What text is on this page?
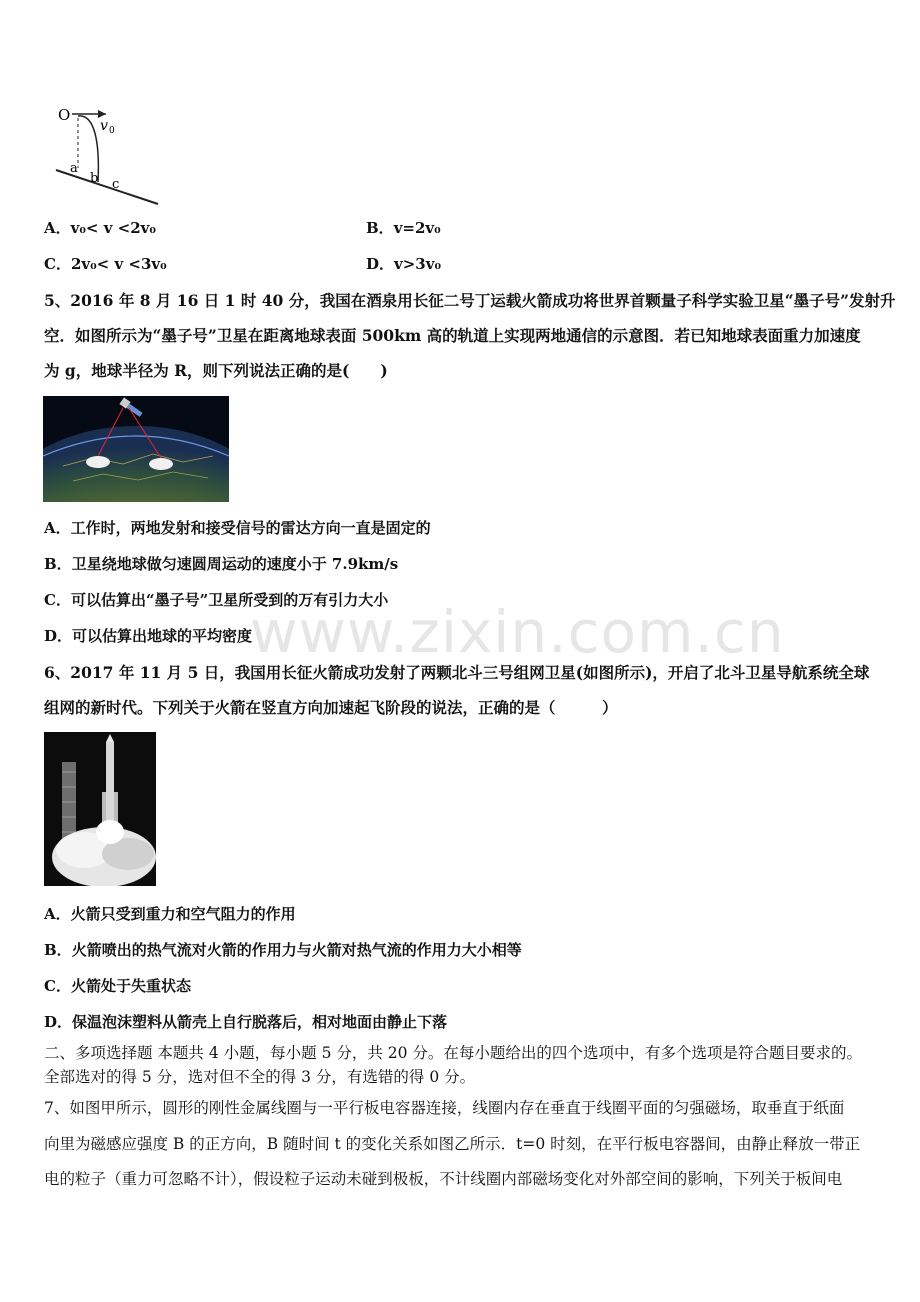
www.zixin.com.cn
O
v 0
a
b c
A．v₀< v <2v₀	B．v=2v₀
C．2v₀< v <3v₀	D．v>3v₀
5、2016 年 8 月 16 日 1 时 40 分，我国在酒泉用长征二号丁运载火箭成功将世界首颗量子科学实验卫星“墨子号”发射升
空．如图所示为“墨子号”卫星在距离地球表面 500km 高的轨道上实现两地通信的示意图．若已知地球表面重力加速度
为 g，地球半径为 R，则下列说法正确的是(　　)
A．工作时，两地发射和接受信号的雷达方向一直是固定的
B．卫星绕地球做匀速圆周运动的速度小于 7.9km/s
C．可以估算出“墨子号”卫星所受到的万有引力大小
D．可以估算出地球的平均密度
6、2017 年 11 月 5 日，我国用长征火箭成功发射了两颗北斗三号组网卫星(如图所示)，开启了北斗卫星导航系统全球
组网的新时代。下列关于火箭在竖直方向加速起飞阶段的说法，正确的是（　　　）
A．火箭只受到重力和空气阻力的作用
B．火箭喷出的热气流对火箭的作用力与火箭对热气流的作用力大小相等
C．火箭处于失重状态
D．保温泡沫塑料从箭壳上自行脱落后，相对地面由静止下落
二、多项选择题 本题共 4 小题，每小题 5 分，共 20 分。在每小题给出的四个选项中，有多个选项是符合题目要求的。
全部选对的得 5 分，选对但不全的得 3 分，有选错的得 0 分。
7、如图甲所示，圆形的刚性金属线圈与一平行板电容器连接，线圈内存在垂直于线圈平面的匀强磁场，取垂直于纸面
向里为磁感应强度 B 的正方向，B 随时间 t 的变化关系如图乙所示．t=0 时刻，在平行板电容器间，由静止释放一带正
电的粒子（重力可忽略不计），假设粒子运动未碰到极板，不计线圈内部磁场变化对外部空间的影响，下列关于板间电
